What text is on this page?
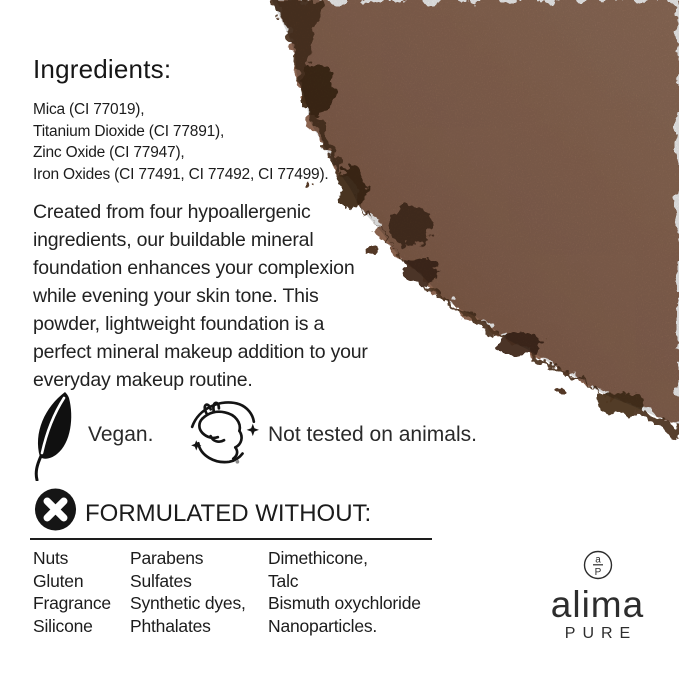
Ingredients:
Mica (CI 77019),
Titanium Dioxide (CI 77891),
Zinc Oxide (CI 77947),
Iron Oxides (CI 77491, CI 77492, CI 77499).
Created from four hypoallergenic
ingredients, our buildable mineral
foundation enhances your complexion
while evening your skin tone. This
powder, lightweight foundation is a
perfect mineral makeup addition to your
everyday makeup routine.
Vegan.	Not tested on animals.
FORMULATED WITHOUT:
Nuts
Gluten
Fragrance
Silicone
Parabens
Sulfates
Synthetic dyes,
Phthalates
Dimethicone,
Talc
Bismuth oxychloride
Nanoparticles.
a
P
alima
PURE
